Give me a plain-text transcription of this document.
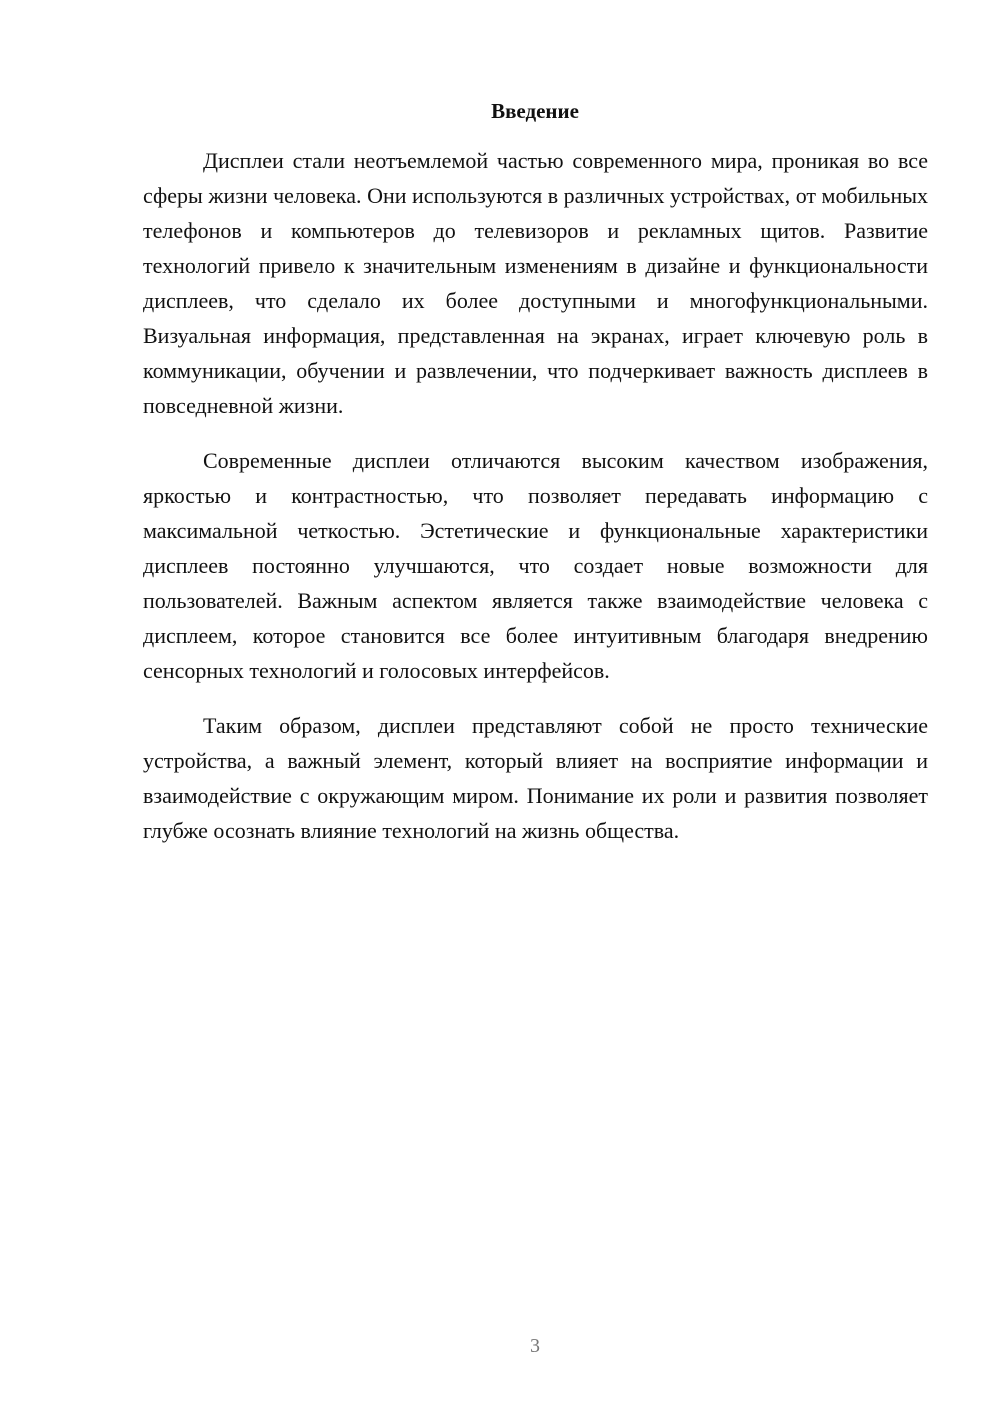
Введение

Дисплеи стали неотъемлемой частью современного мира, проникая во все сферы жизни человека. Они используются в различных устройствах, от мобильных телефонов и компьютеров до телевизоров и рекламных щитов. Развитие технологий привело к значительным изменениям в дизайне и функциональности дисплеев, что сделало их более доступными и многофункциональными. Визуальная информация, представленная на экранах, играет ключевую роль в коммуникации, обучении и развлечении, что подчеркивает важность дисплеев в повседневной жизни.

Современные дисплеи отличаются высоким качеством изображения, яркостью и контрастностью, что позволяет передавать информацию с максимальной четкостью. Эстетические и функциональные характеристики дисплеев постоянно улучшаются, что создает новые возможности для пользователей. Важным аспектом является также взаимодействие человека с дисплеем, которое становится все более интуитивным благодаря внедрению сенсорных технологий и голосовых интерфейсов.

Таким образом, дисплеи представляют собой не просто технические устройства, а важный элемент, который влияет на восприятие информации и взаимодействие с окружающим миром. Понимание их роли и развития позволяет глубже осознать влияние технологий на жизнь общества.

3
